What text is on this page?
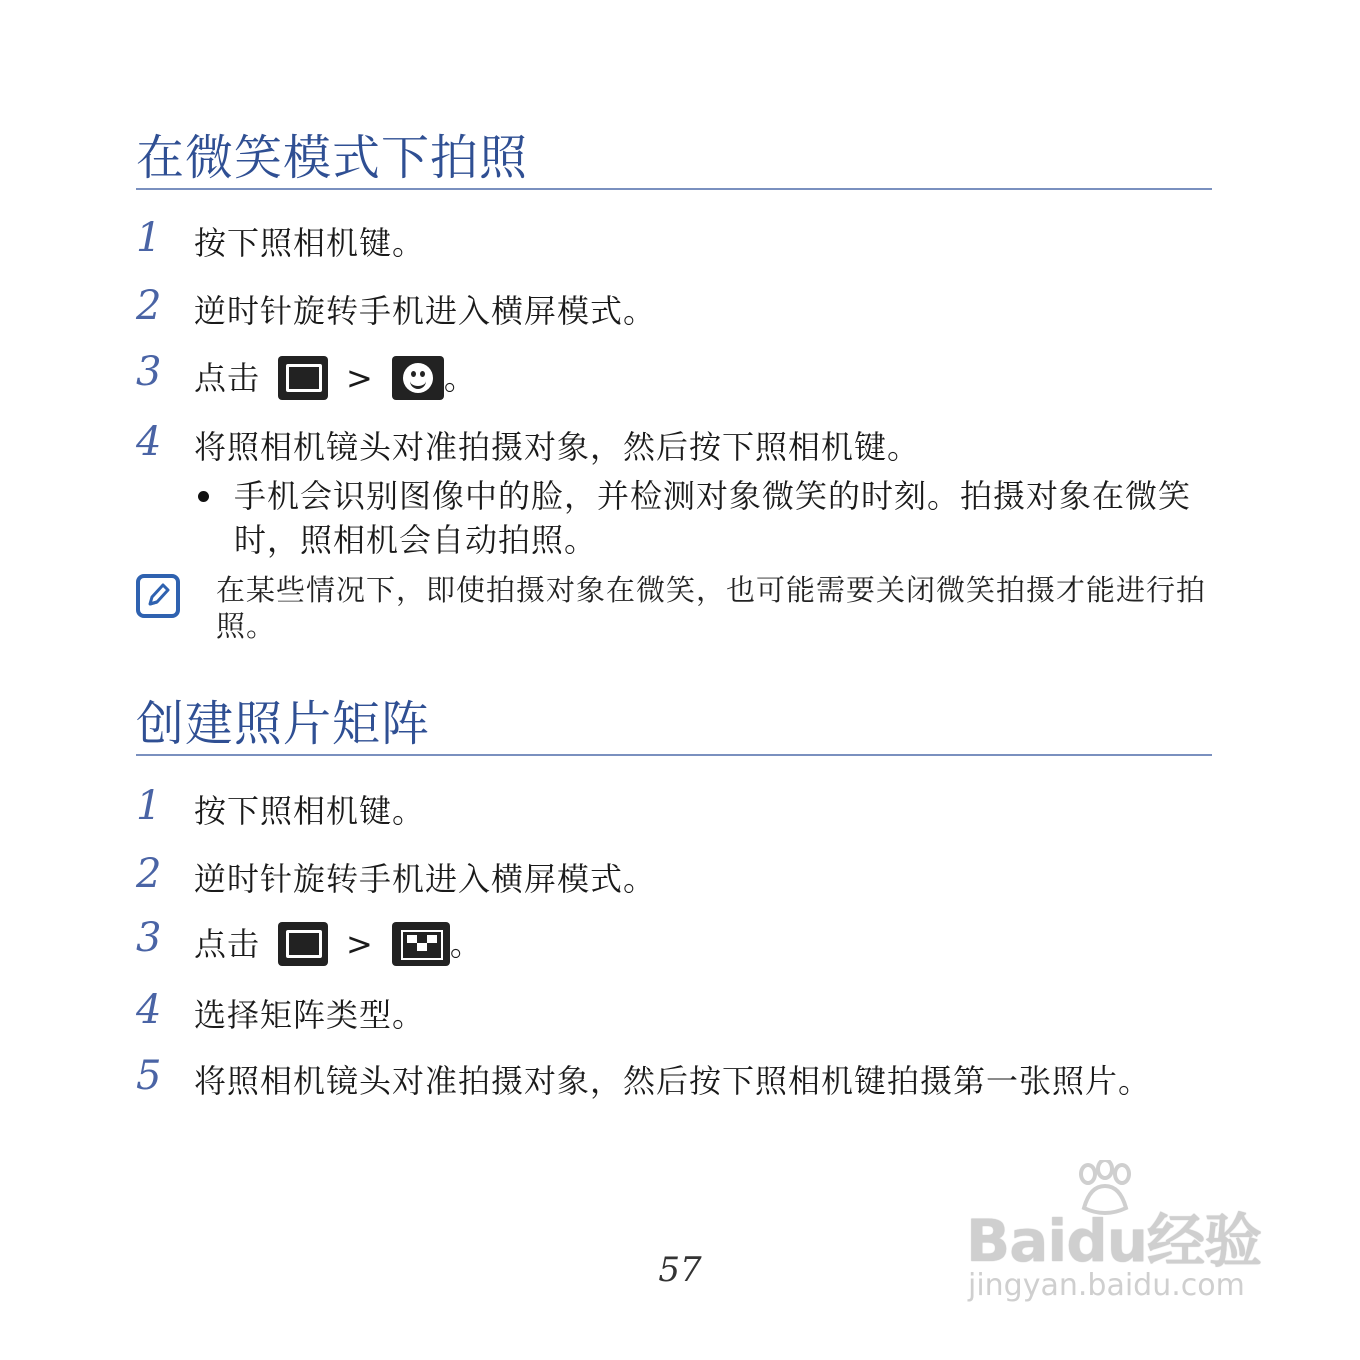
在微笑模式下拍照
1 按下照相机键。
2 逆时针旋转手机进入横屏模式。
3 点击	> 。
4 将照相机镜头对准拍摄对象，然后按下照相机键。
手机会识别图像中的脸，并检测对象微笑的时刻。拍摄对象在微笑时，照相机会自动拍照。
在某些情况下，即使拍摄对象在微笑，也可能需要关闭微笑拍摄才能进行拍照。
创建照片矩阵
1 按下照相机键。
2 逆时针旋转手机进入横屏模式。
3 点击	> 。
4 选择矩阵类型。
5 将照相机镜头对准拍摄对象，然后按下照相机键拍摄第一张照片。
57	Baidu经验
jingyan.baidu.com
